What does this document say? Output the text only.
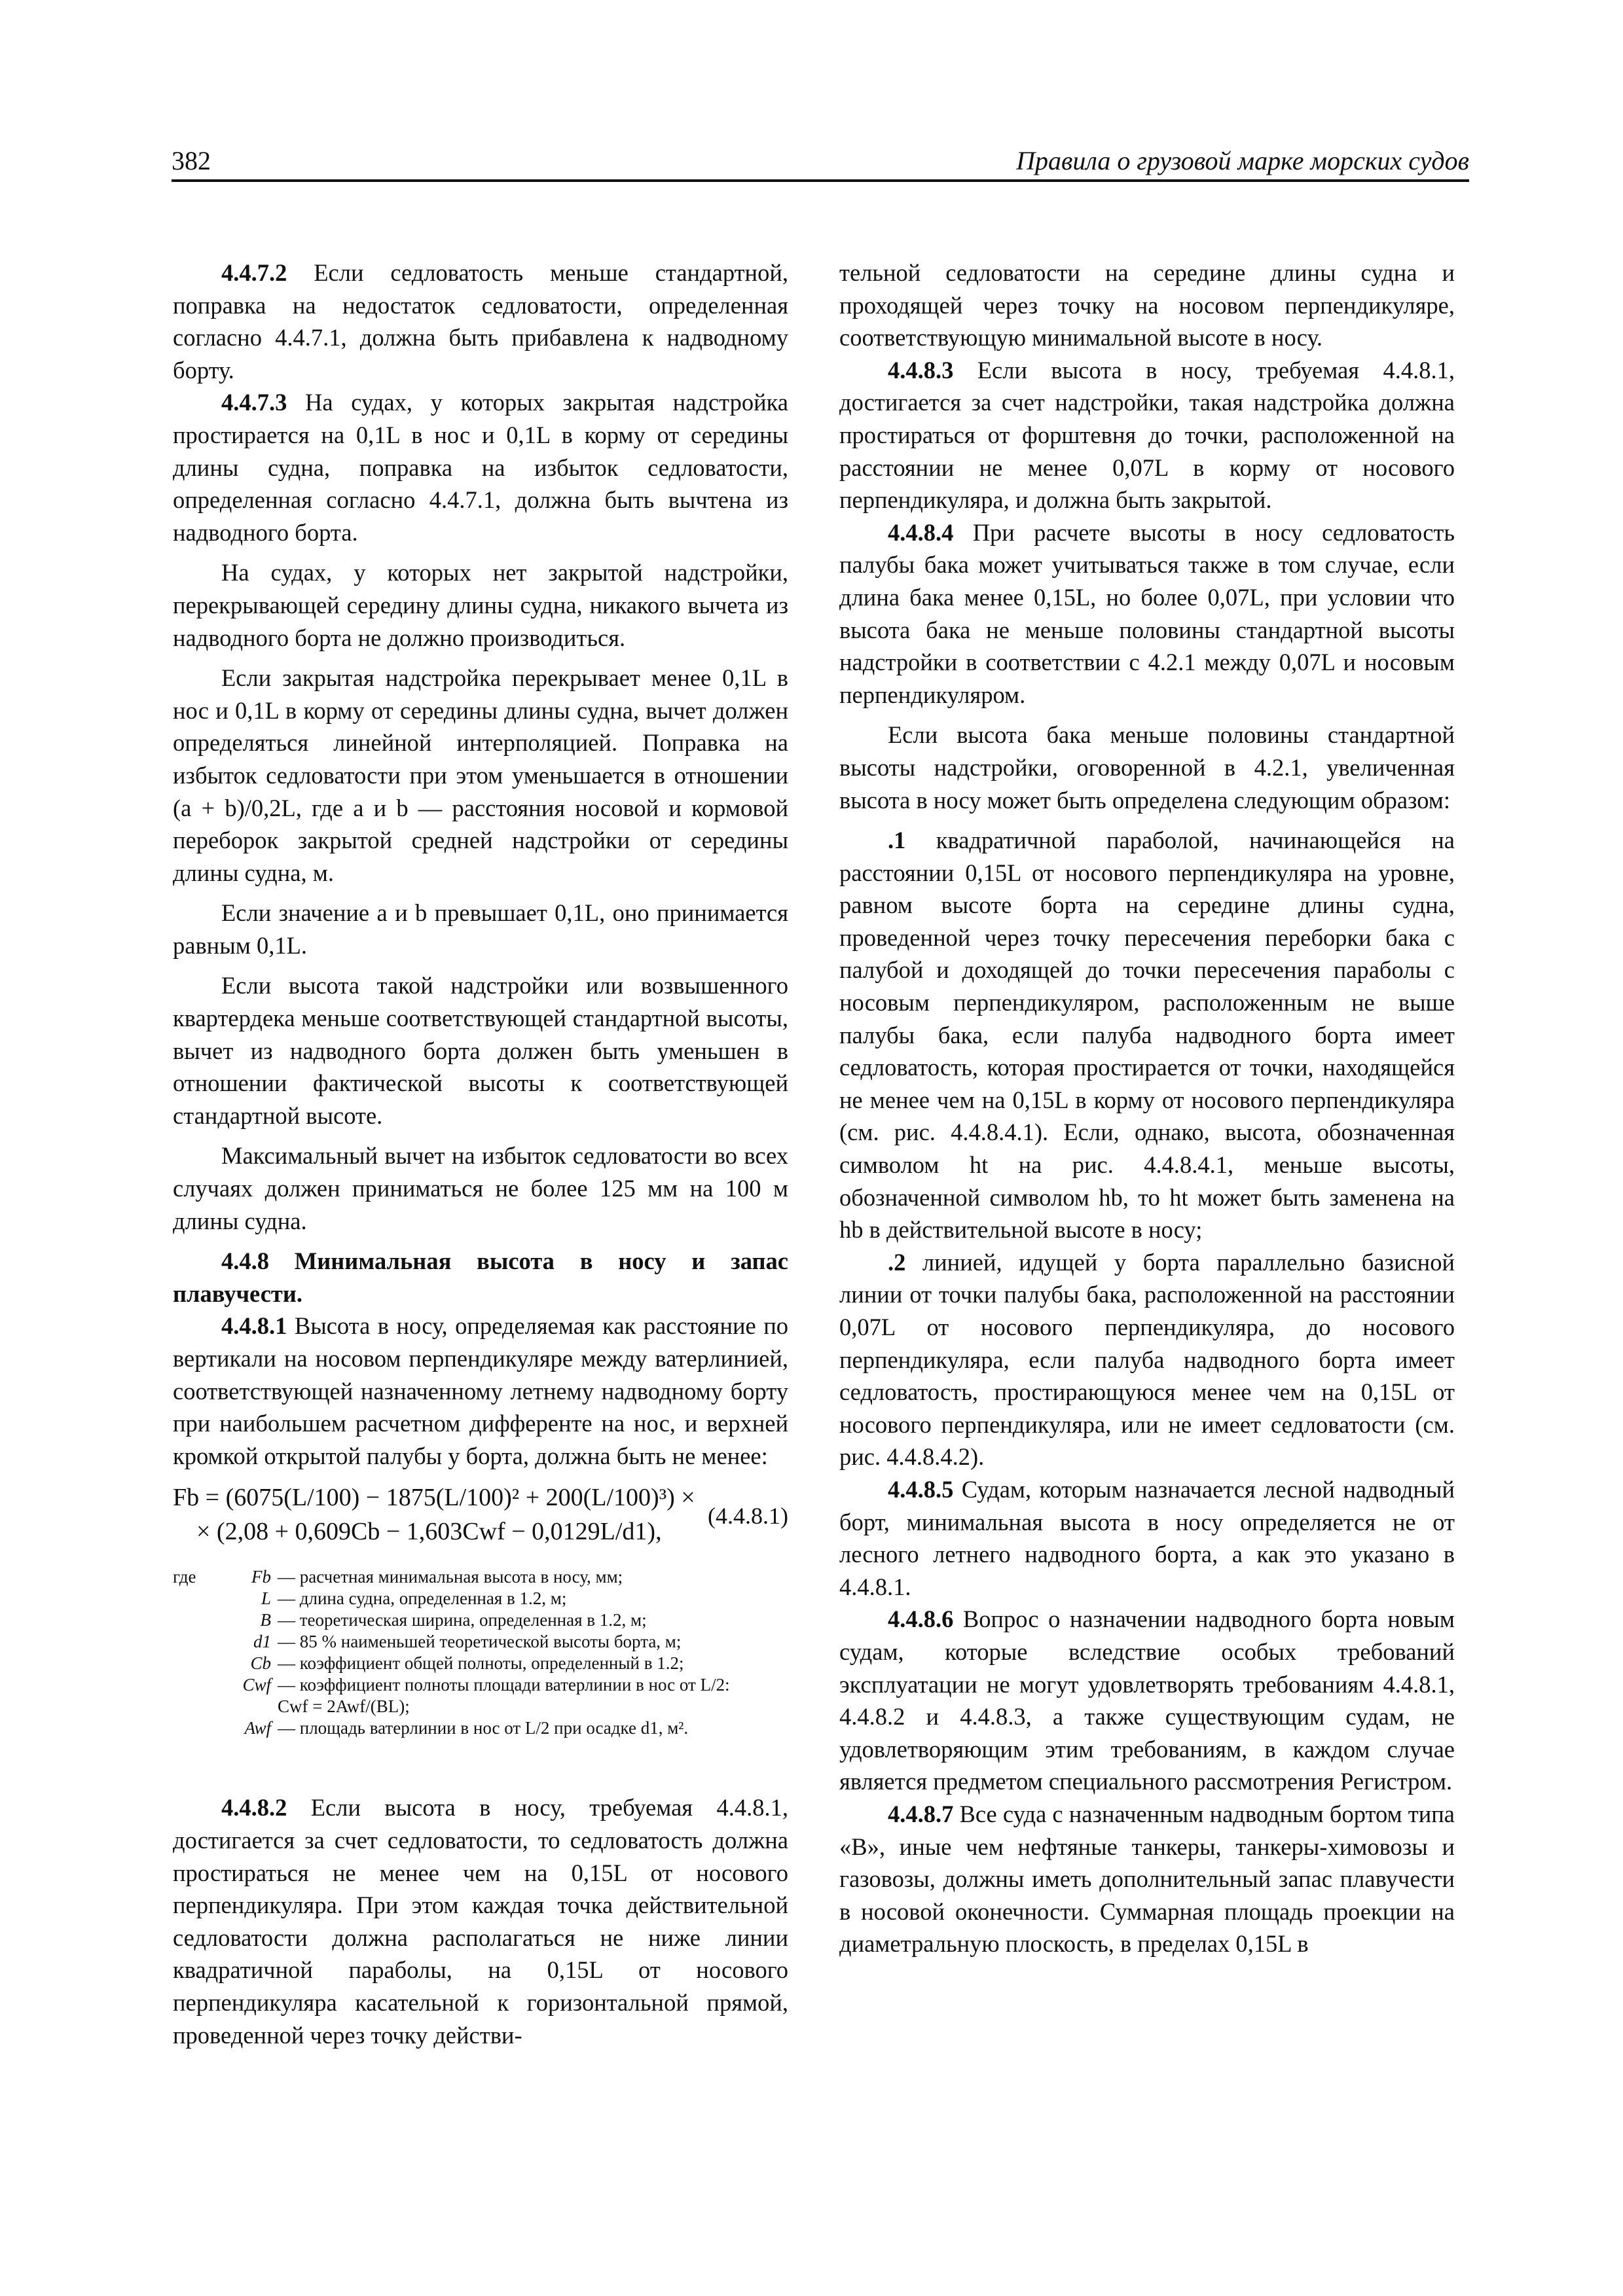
382	Правила о грузовой марке морских судов

4.4.7.2 Если седловатость меньше стандартной, поправка на недостаток седловатости, определенная согласно 4.4.7.1, должна быть прибавлена к надводному борту.

4.4.7.3 На судах, у которых закрытая надстройка простирается на 0,1L в нос и 0,1L в корму от середины длины судна, поправка на избыток седловатости, определенная согласно 4.4.7.1, должна быть вычтена из надводного борта.

На судах, у которых нет закрытой надстройки, перекрывающей середину длины судна, никакого вычета из надводного борта не должно производиться.

Если закрытая надстройка перекрывает менее 0,1L в нос и 0,1L в корму от середины длины судна, вычет должен определяться линейной интерполяцией. Поправка на избыток седловатости при этом уменьшается в отношении (a + b)/0,2L, где a и b — расстояния носовой и кормовой переборок закрытой средней надстройки от середины длины судна, м.

Если значение a и b превышает 0,1L, оно принимается равным 0,1L.

Если высота такой надстройки или возвышенного квартердека меньше соответствующей стандартной высоты, вычет из надводного борта должен быть уменьшен в отношении фактической высоты к соответствующей стандартной высоте.

Максимальный вычет на избыток седловатости во всех случаях должен приниматься не более 125 мм на 100 м длины судна.

4.4.8 Минимальная высота в носу и запас плавучести.

4.4.8.1 Высота в носу, определяемая как расстояние по вертикали на носовом перпендикуляре между ватерлинией, соответствующей назначенному летнему надводному борту при наибольшем расчетном дифференте на нос, и верхней кромкой открытой палубы у борта, должна быть не менее:

Fb = (6075(L/100) − 1875(L/100)² + 200(L/100)³) ×
× (2,08 + 0,609Cb − 1,603Cwf − 0,0129L/d1),
(4.4.8.1)
где	Fb — расчетная минимальная высота в носу, мм;
L — длина судна, определенная в 1.2, м;
B — теоретическая ширина, определенная в 1.2, м;
d1 — 85 % наименьшей теоретической высоты борта, м;
Cb — коэффициент общей полноты, определенный в 1.2;
Cwf — коэффициент полноты площади ватерлинии в нос от L/2:
Cwf = 2Awf/(BL);
Awf — площадь ватерлинии в нос от L/2 при осадке d1, м².

4.4.8.2 Если высота в носу, требуемая 4.4.8.1, достигается за счет седловатости, то седловатость должна простираться не менее чем на 0,15L от носового перпендикуляра. При этом каждая точка действительной седловатости должна располагаться не ниже линии квадратичной параболы, на 0,15L от носового перпендикуляра касательной к горизонтальной прямой, проведенной через точку действи-

тельной седловатости на середине длины судна и проходящей через точку на носовом перпендикуляре, соответствующую минимальной высоте в носу.

4.4.8.3 Если высота в носу, требуемая 4.4.8.1, достигается за счет надстройки, такая надстройка должна простираться от форштевня до точки, расположенной на расстоянии не менее 0,07L в корму от носового перпендикуляра, и должна быть закрытой.

4.4.8.4 При расчете высоты в носу седловатость палубы бака может учитываться также в том случае, если длина бака менее 0,15L, но более 0,07L, при условии что высота бака не меньше половины стандартной высоты надстройки в соответствии с 4.2.1 между 0,07L и носовым перпендикуляром.

Если высота бака меньше половины стандартной высоты надстройки, оговоренной в 4.2.1, увеличенная высота в носу может быть определена следующим образом:

.1 квадратичной параболой, начинающейся на расстоянии 0,15L от носового перпендикуляра на уровне, равном высоте борта на середине длины судна, проведенной через точку пересечения переборки бака с палубой и доходящей до точки пересечения параболы с носовым перпендикуляром, расположенным не выше палубы бака, если палуба надводного борта имеет седловатость, которая простирается от точки, находящейся не менее чем на 0,15L в корму от носового перпендикуляра (см. рис. 4.4.8.4.1). Если, однако, высота, обозначенная символом ht на рис. 4.4.8.4.1, меньше высоты, обозначенной символом hb, то ht может быть заменена на hb в действительной высоте в носу;

.2 линией, идущей у борта параллельно базисной линии от точки палубы бака, расположенной на расстоянии 0,07L от носового перпендикуляра, до носового перпендикуляра, если палуба надводного борта имеет седловатость, простирающуюся менее чем на 0,15L от носового перпендикуляра, или не имеет седловатости (см. рис. 4.4.8.4.2).

4.4.8.5 Судам, которым назначается лесной надводный борт, минимальная высота в носу определяется не от лесного летнего надводного борта, а как это указано в 4.4.8.1.

4.4.8.6 Вопрос о назначении надводного борта новым судам, которые вследствие особых требований эксплуатации не могут удовлетворять требованиям 4.4.8.1, 4.4.8.2 и 4.4.8.3, а также существующим судам, не удовлетворяющим этим требованиям, в каждом случае является предметом специального рассмотрения Регистром.

4.4.8.7 Все суда с назначенным надводным бортом типа «В», иные чем нефтяные танкеры, танкеры-химовозы и газовозы, должны иметь дополнительный запас плавучести в носовой оконечности. Суммарная площадь проекции на диаметральную плоскость, в пределах 0,15L в
